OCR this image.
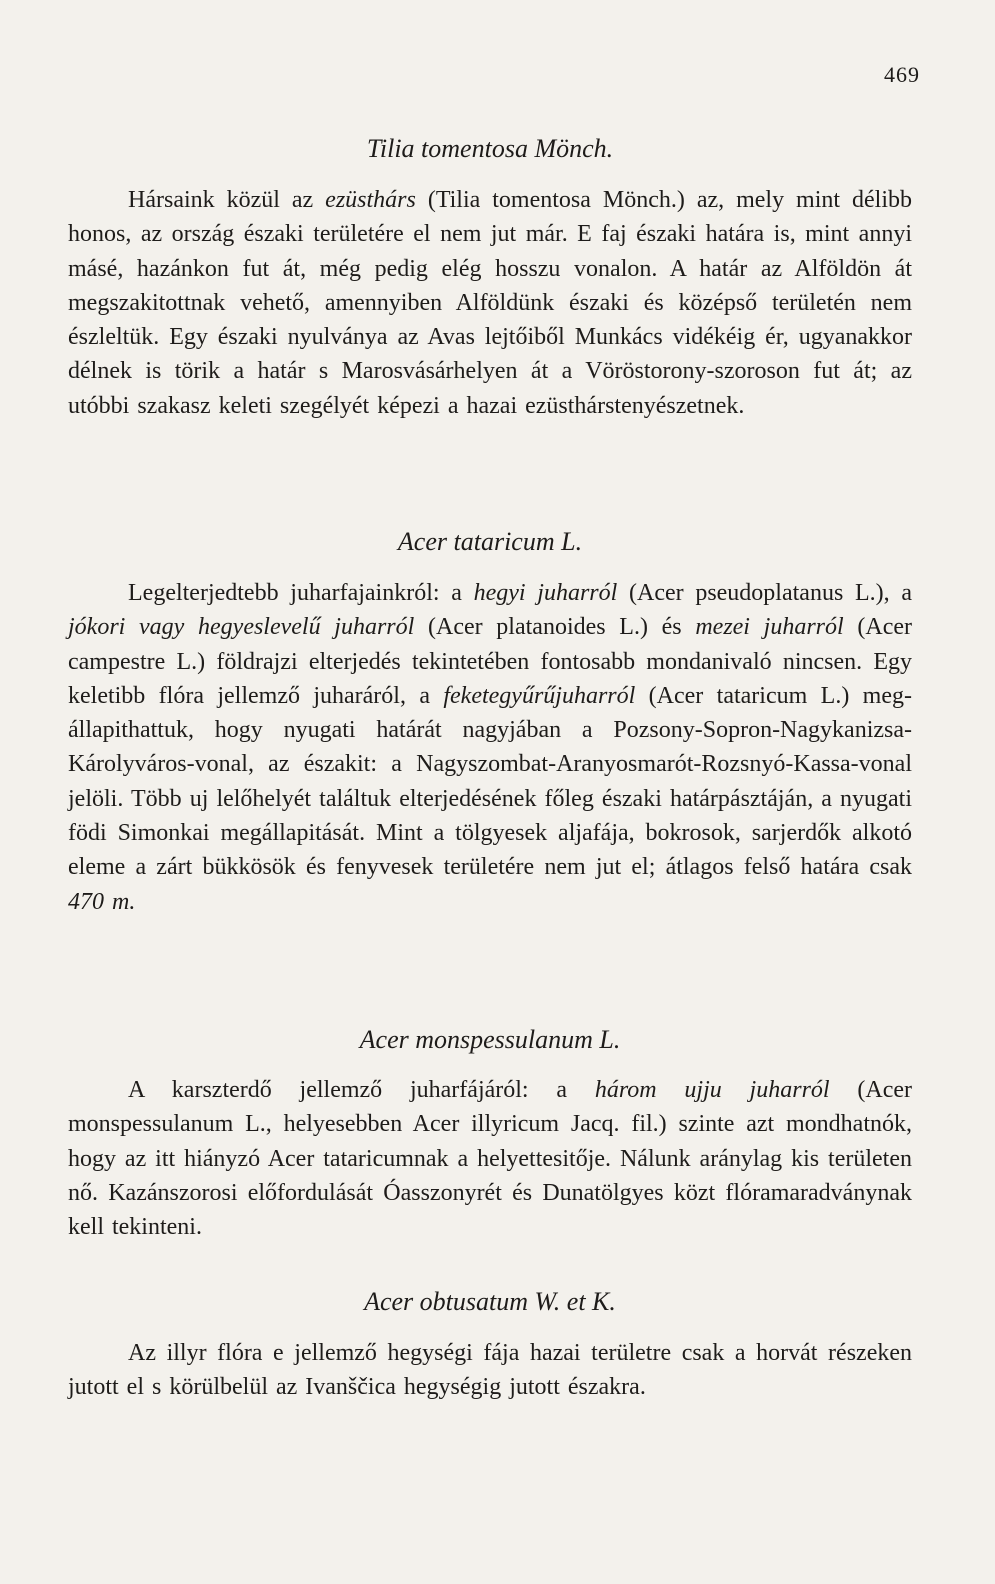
469
Tilia tomentosa Mönch.

Hársaink közül az ezüsthárs (Tilia tomentosa Mönch.) az, mely mint délibb honos, az ország északi területére el nem jut már. E faj északi határa is, mint annyi másé, hazánkon fut át, még pedig elég hosszu vonalon. A határ az Alföldön át megszakitottnak vehető, amennyiben Alföldünk északi és középső területén nem észleltük. Egy északi nyulványa az Avas lejtőiből Munkács vidékéig ér, ugyanakkor délnek is törik a határ s Marosvásárhelyen át a Vöröstorony-szoroson fut át; az utóbbi szakasz keleti szegélyét képezi a hazai ezüsthárstenyészetnek.

Acer tataricum L.

Legelterjedtebb juharfajainkról: a hegyi juharról (Acer pseudoplatanus L.), a jókori vagy hegyeslevelű juharról (Acer platanoides L.) és mezei juharról (Acer campestre L.) földrajzi elterjedés tekintetében fontosabb mondanivaló nincsen. Egy keletibb flóra jellemző juharáról, a feketegyűrűjuharról (Acer tataricum L.) megállapithattuk, hogy nyugati határát nagyjában a Pozsony-Sopron-Nagykanizsa-Károlyváros-vonal, az északit: a Nagyszombat-Aranyosmarót-Rozsnyó-Kassa-vonal jelöli. Több uj lelőhelyét találtuk elterjedésének főleg északi határpásztáján, a nyugati födi Simonkai megállapitását. Mint a tölgyesek aljafája, bokrosok, sarjerdők alkotó eleme a zárt bükkösök és fenyvesek területére nem jut el; átlagos felső határa csak 470 m.

Acer monspessulanum L.

A karszterdő jellemző juharfájáról: a három ujju juharról (Acer monspessulanum L., helyesebben Acer illyricum Jacq. fil.) szinte azt mondhatnók, hogy az itt hiányzó Acer tataricumnak a helyettesitője. Nálunk aránylag kis területen nő. Kazánszorosi előfordulását Óasszonyrét és Dunatölgyes közt flóramaradványnak kell tekinteni.

Acer obtusatum W. et K.

Az illyr flóra e jellemző hegységi fája hazai területre csak a horvát részeken jutott el s körülbelül az Ivanščica hegységig jutott északra.
